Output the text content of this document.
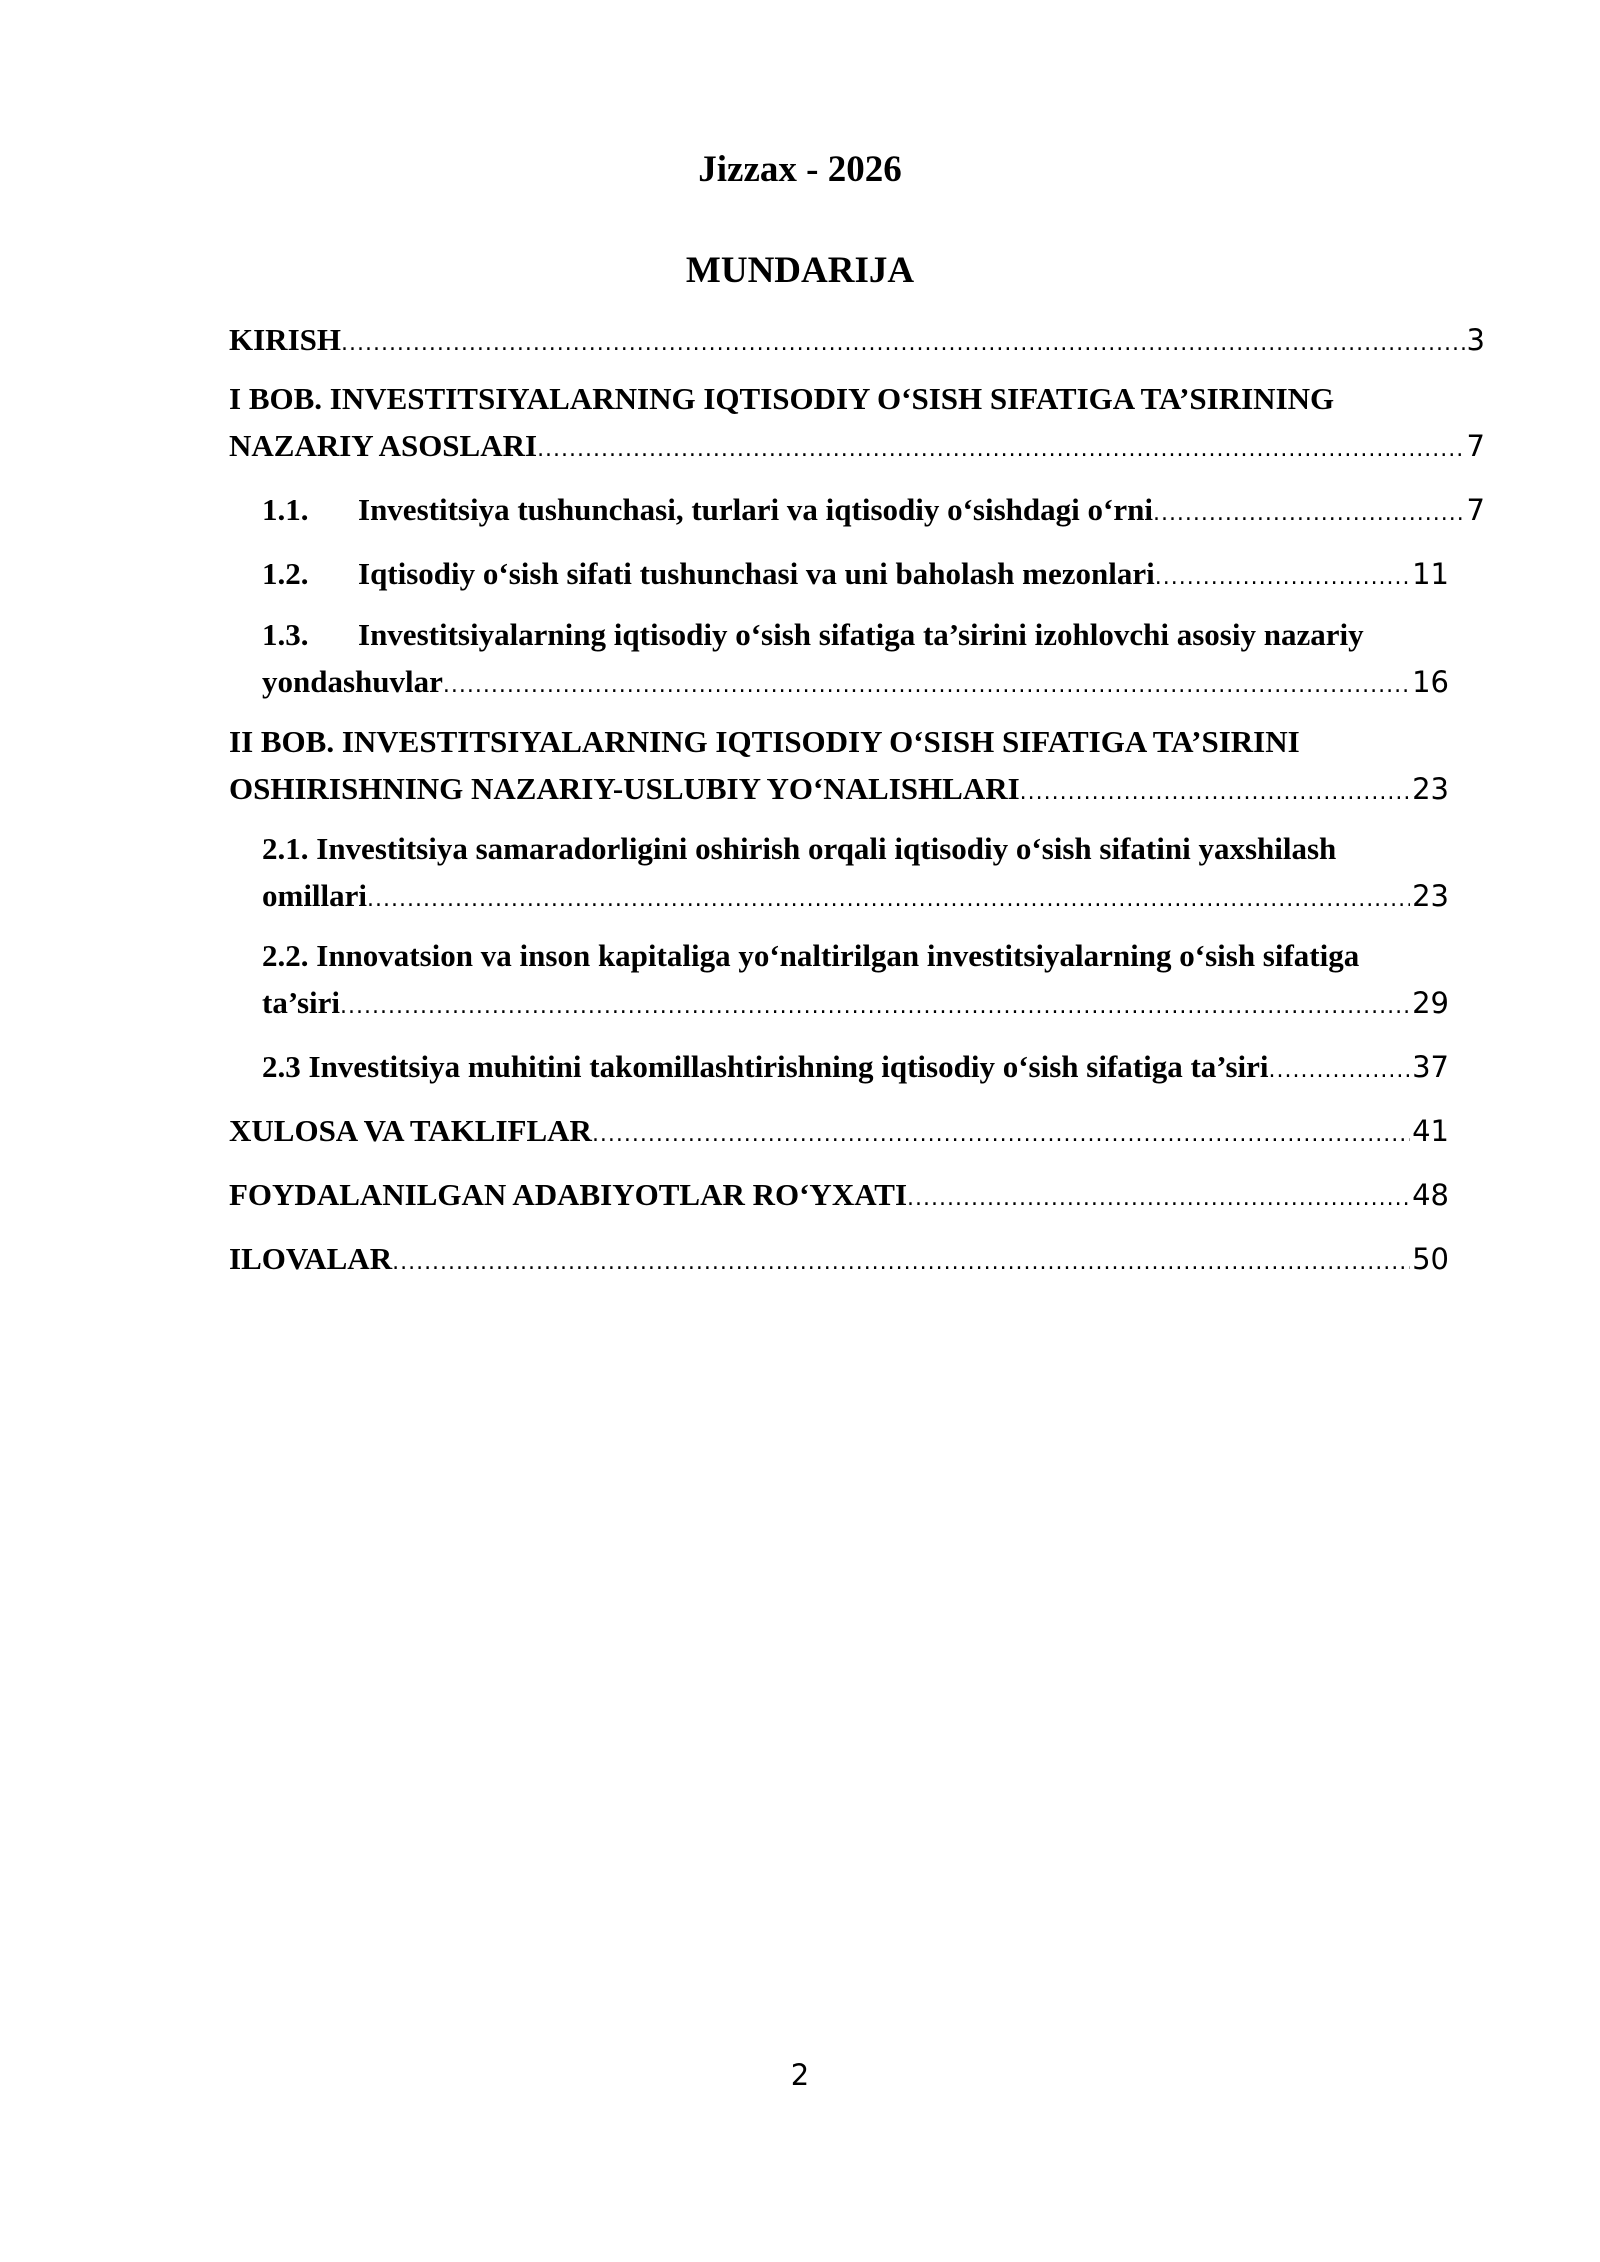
Jizzax - 2026
MUNDARIJA
KIRISH .....	3
I BOB. INVESTITSIYALARNING IQTISODIY O‘SISH SIFATIGA TA’SIRINING
NAZARIY ASOSLARI .....	7
1.1.	Investitsiya tushunchasi, turlari va iqtisodiy o‘sishdagi o‘rni .....	7
1.2.	Iqtisodiy o‘sish sifati tushunchasi va uni baholash mezonlari .....	11
1.3.	Investitsiyalarning iqtisodiy o‘sish sifatiga ta’sirini izohlovchi asosiy nazariy
yondashuvlar .....	16
II BOB. INVESTITSIYALARNING IQTISODIY O‘SISH SIFATIGA TA’SIRINI
OSHIRISHNING NAZARIY-USLUBIY YO‘NALISHLARI .....	23
2.1. Investitsiya samaradorligini oshirish orqali iqtisodiy o‘sish sifatini yaxshilash
omillari .....	23
2.2. Innovatsion va inson kapitaliga yo‘naltirilgan investitsiyalarning o‘sish sifatiga
ta’siri .....	29
2.3 Investitsiya muhitini takomillashtirishning iqtisodiy o‘sish sifatiga ta’siri .....	37
XULOSA VA TAKLIFLAR .....	41
FOYDALANILGAN ADABIYOTLAR RO‘YXATI .....	48
ILOVALAR .....	50
2
